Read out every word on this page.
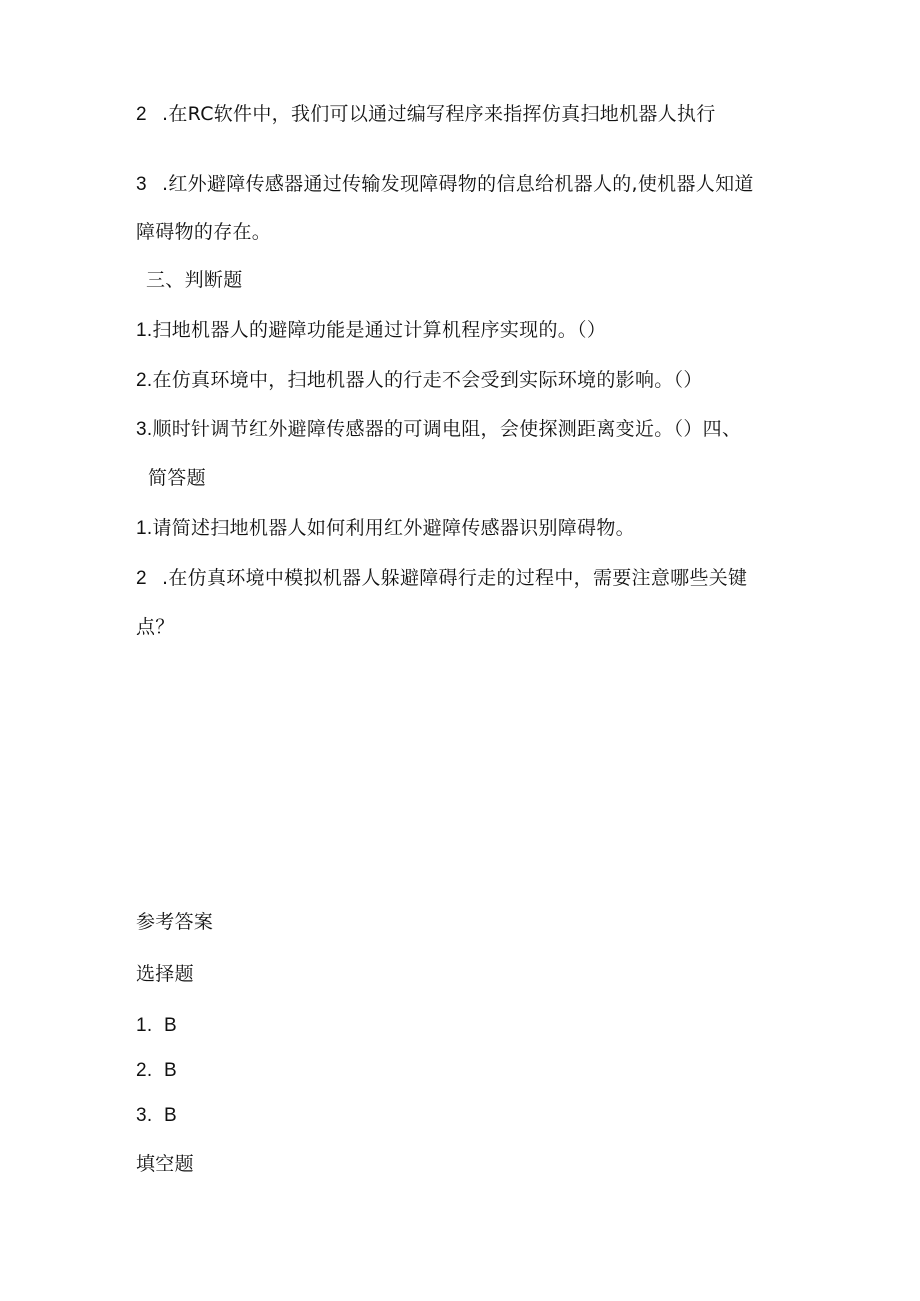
2 .在RC软件中，我们可以通过编写程序来指挥仿真扫地机器人执行
3 .红外避障传感器通过传输发现障碍物的信息给机器人的,使机器人知道
障碍物的存在。
三、判断题
1.扫地机器人的避障功能是通过计算机程序实现的。（）
2.在仿真环境中，扫地机器人的行走不会受到实际环境的影响。（）
3.顺时针调节红外避障传感器的可调电阻，会使探测距离变近。（）四、
简答题
1.请简述扫地机器人如何利用红外避障传感器识别障碍物。
2 .在仿真环境中模拟机器人躲避障碍行走的过程中，需要注意哪些关键
点？
参考答案
选择题
1. B
2. B
3. B
填空题
